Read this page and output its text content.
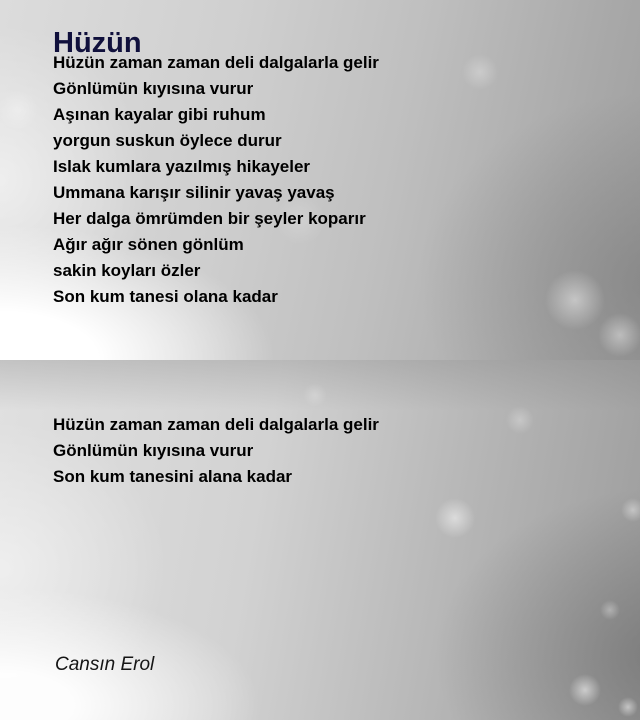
Hüzün
Hüzün zaman zaman deli dalgalarla gelir
Gönlümün kıyısına vurur
Aşınan kayalar gibi ruhum
yorgun suskun öylece durur
Islak kumlara yazılmış hikayeler
Ummana karışır silinir yavaş yavaş
Her dalga ömrümden bir şeyler koparır
Ağır ağır sönen gönlüm
sakin koyları özler
Son kum tanesi olana kadar
Hüzün zaman zaman deli dalgalarla gelir
Gönlümün kıyısına vurur
Son kum tanesini alana kadar
Cansın Erol
